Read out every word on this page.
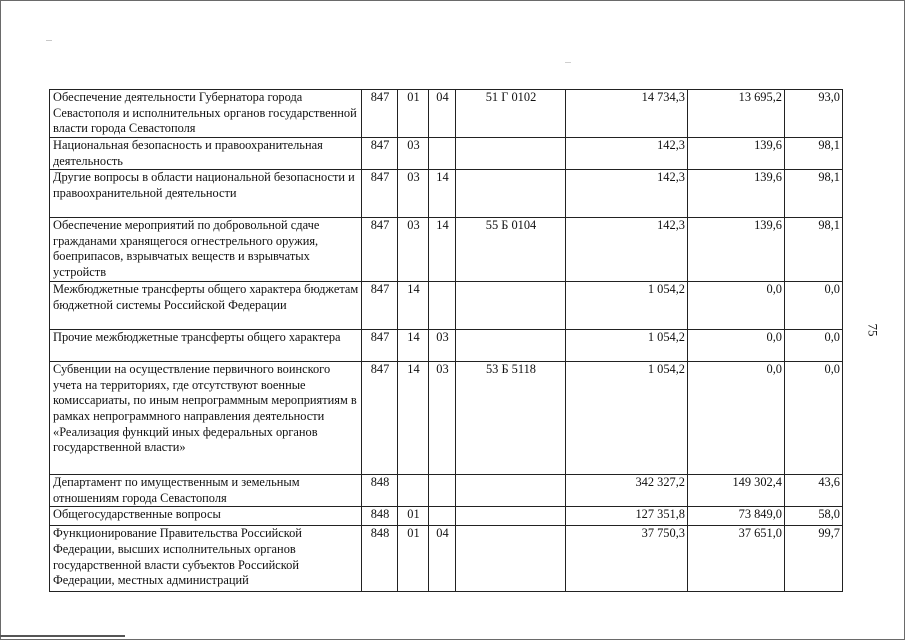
Обеспечение деятельности Губернатора города Севастополя и исполнительных органов государственной власти города Севастополя	847	01	04	51 Г 0102	14 734,3	13 695,2	93,0
Национальная безопасность и правоохранительная деятельность	847	03			142,3	139,6	98,1
Другие вопросы в области национальной безопасности и правоохранительной деятельности	847	03	14		142,3	139,6	98,1
Обеспечение мероприятий по добровольной сдаче гражданами хранящегося огнестрельного оружия, боеприпасов, взрывчатых веществ и взрывчатых устройств	847	03	14	55 Б 0104	142,3	139,6	98,1
Межбюджетные трансферты общего характера бюджетам бюджетной системы Российской Федерации	847	14			1 054,2	0,0	0,0
Прочие межбюджетные трансферты общего характера	847	14	03		1 054,2	0,0	0,0
Субвенции на осуществление первичного воинского учета на территориях, где отсутствуют военные комиссариаты, по иным непрограммным мероприятиям в рамках непрограммного направления деятельности «Реализация функций иных федеральных органов государственной власти»	847	14	03	53 Б 5118	1 054,2	0,0	0,0
Департамент по имущественным и земельным отношениям города Севастополя	848				342 327,2	149 302,4	43,6
Общегосударственные вопросы	848	01			127 351,8	73 849,0	58,0
Функционирование Правительства Российской Федерации, высших исполнительных органов государственной власти субъектов Российской Федерации, местных администраций	848	01	04		37 750,3	37 651,0	99,7
75
